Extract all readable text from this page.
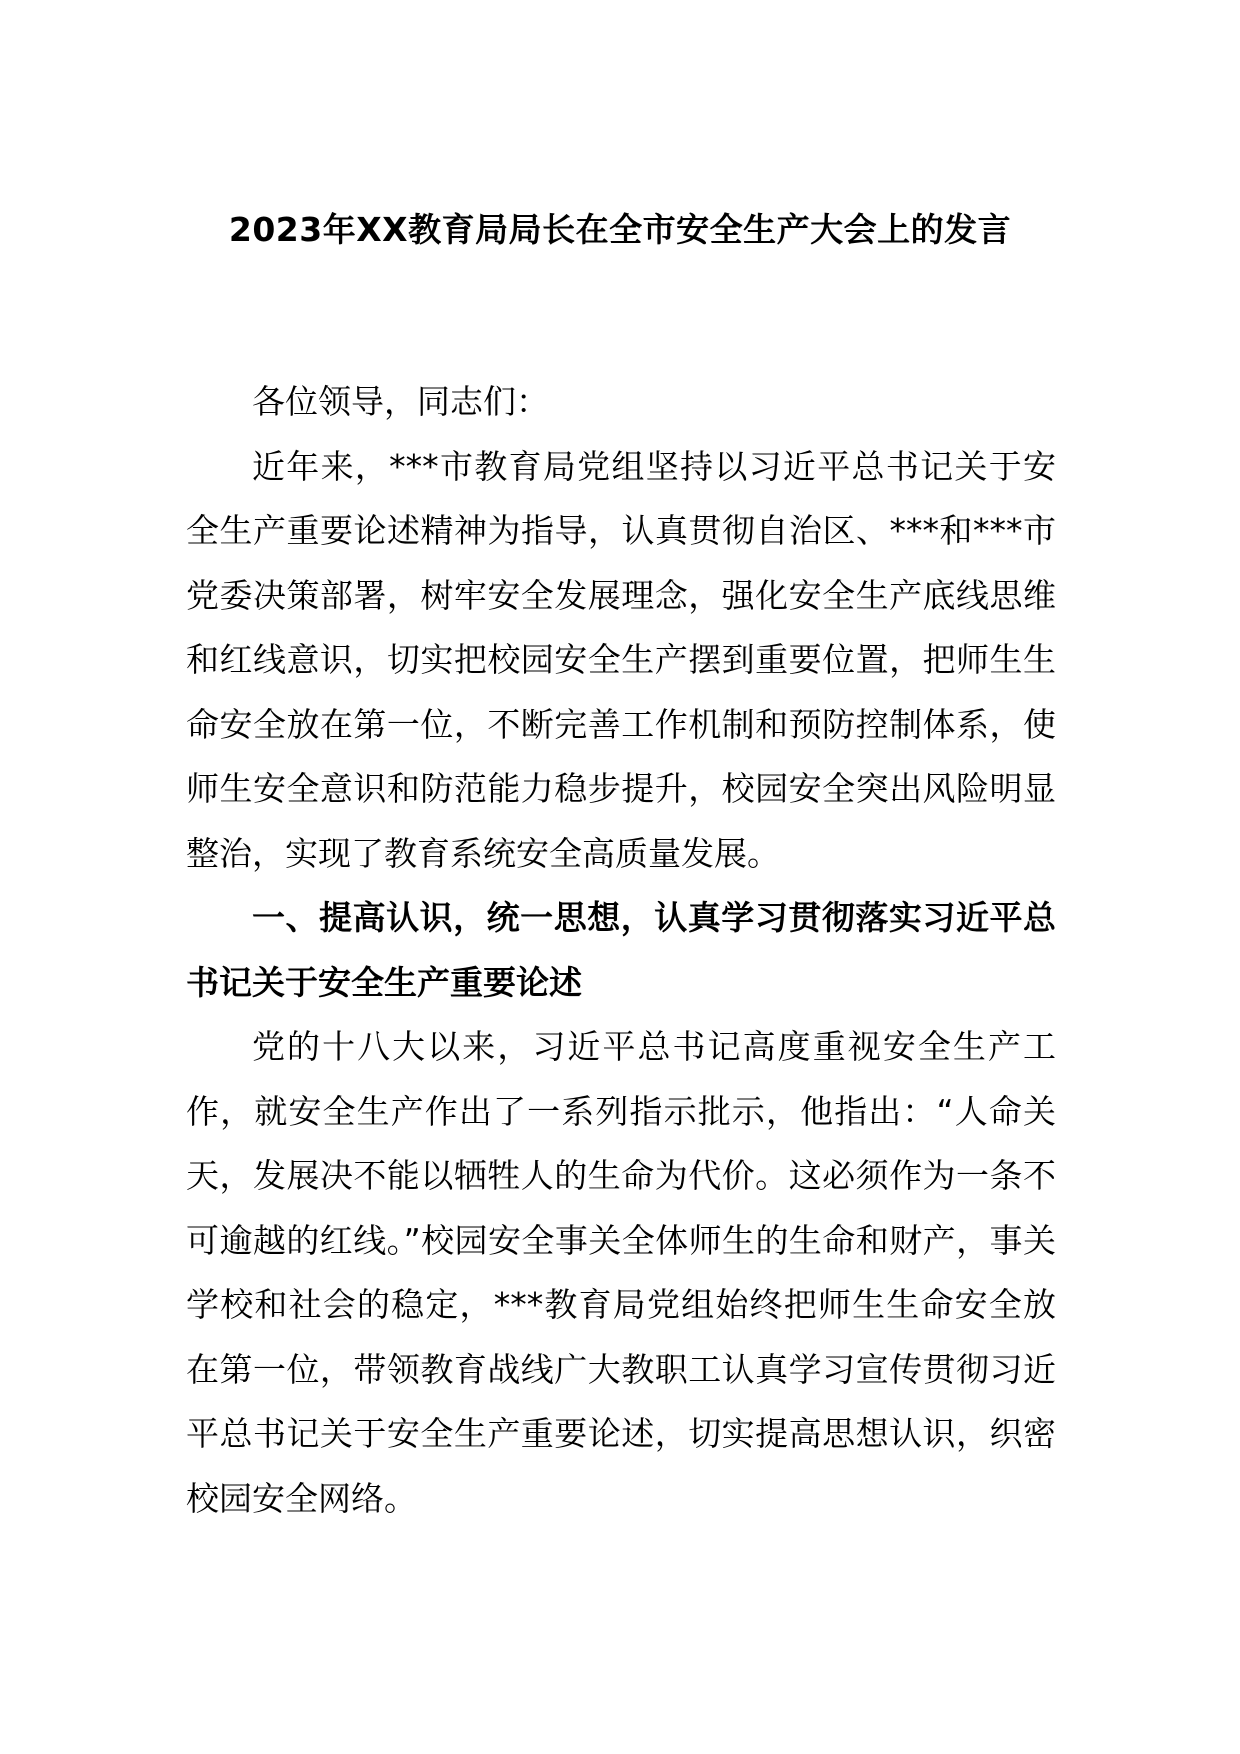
2023年XX教育局局长在全市安全生产大会上的发言

各位领导，同志们：

近年来，***市教育局党组坚持以习近平总书记关于安全生产重要论述精神为指导，认真贯彻自治区、***和***市党委决策部署，树牢安全发展理念，强化安全生产底线思维和红线意识，切实把校园安全生产摆到重要位置，把师生生命安全放在第一位，不断完善工作机制和预防控制体系，使师生安全意识和防范能力稳步提升，校园安全突出风险明显整治，实现了教育系统安全高质量发展。

一、提高认识，统一思想，认真学习贯彻落实习近平总书记关于安全生产重要论述

党的十八大以来，习近平总书记高度重视安全生产工作，就安全生产作出了一系列指示批示，他指出：“人命关天，发展决不能以牺牲人的生命为代价。这必须作为一条不可逾越的红线。”校园安全事关全体师生的生命和财产，事关学校和社会的稳定，***教育局党组始终把师生生命安全放在第一位，带领教育战线广大教职工认真学习宣传贯彻习近平总书记关于安全生产重要论述，切实提高思想认识，织密校园安全网络。
